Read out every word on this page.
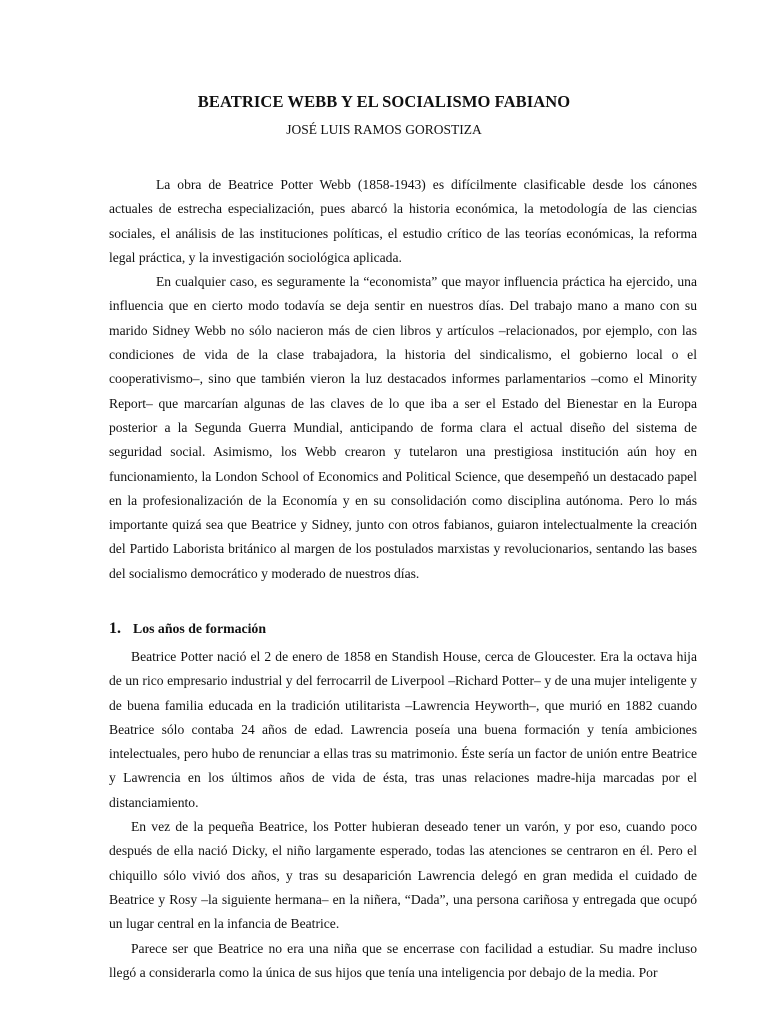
BEATRICE WEBB Y EL SOCIALISMO FABIANO
JOSÉ LUIS RAMOS GOROSTIZA

La obra de Beatrice Potter Webb (1858-1943) es difícilmente clasificable desde los cánones actuales de estrecha especialización, pues abarcó la historia económica, la metodología de las ciencias sociales, el análisis de las instituciones políticas, el estudio crítico de las teorías económicas, la reforma legal práctica, y la investigación sociológica aplicada.

En cualquier caso, es seguramente la “economista” que mayor influencia práctica ha ejercido, una influencia que en cierto modo todavía se deja sentir en nuestros días. Del trabajo mano a mano con su marido Sidney Webb no sólo nacieron más de cien libros y artículos –relacionados, por ejemplo, con las condiciones de vida de la clase trabajadora, la historia del sindicalismo, el gobierno local o el cooperativismo–, sino que también vieron la luz destacados informes parlamentarios –como el Minority Report– que marcarían algunas de las claves de lo que iba a ser el Estado del Bienestar en la Europa posterior a la Segunda Guerra Mundial, anticipando de forma clara el actual diseño del sistema de seguridad social. Asimismo, los Webb crearon y tutelaron una prestigiosa institución aún hoy en funcionamiento, la London School of Economics and Political Science, que desempeñó un destacado papel en la profesionalización de la Economía y en su consolidación como disciplina autónoma. Pero lo más importante quizá sea que Beatrice y Sidney, junto con otros fabianos, guiaron intelectualmente la creación del Partido Laborista británico al margen de los postulados marxistas y revolucionarios, sentando las bases del socialismo democrático y moderado de nuestros días.

1. Los años de formación

Beatrice Potter nació el 2 de enero de 1858 en Standish House, cerca de Gloucester. Era la octava hija de un rico empresario industrial y del ferrocarril de Liverpool –Richard Potter– y de una mujer inteligente y de buena familia educada en la tradición utilitarista –Lawrencia Heyworth–, que murió en 1882 cuando Beatrice sólo contaba 24 años de edad. Lawrencia poseía una buena formación y tenía ambiciones intelectuales, pero hubo de renunciar a ellas tras su matrimonio. Éste sería un factor de unión entre Beatrice y Lawrencia en los últimos años de vida de ésta, tras unas relaciones madre-hija marcadas por el distanciamiento.

En vez de la pequeña Beatrice, los Potter hubieran deseado tener un varón, y por eso, cuando poco después de ella nació Dicky, el niño largamente esperado, todas las atenciones se centraron en él. Pero el chiquillo sólo vivió dos años, y tras su desaparición Lawrencia delegó en gran medida el cuidado de Beatrice y Rosy –la siguiente hermana– en la niñera, “Dada”, una persona cariñosa y entregada que ocupó un lugar central en la infancia de Beatrice.

Parece ser que Beatrice no era una niña que se encerrase con facilidad a estudiar. Su madre incluso llegó a considerarla como la única de sus hijos que tenía una inteligencia por debajo de la media. Por
